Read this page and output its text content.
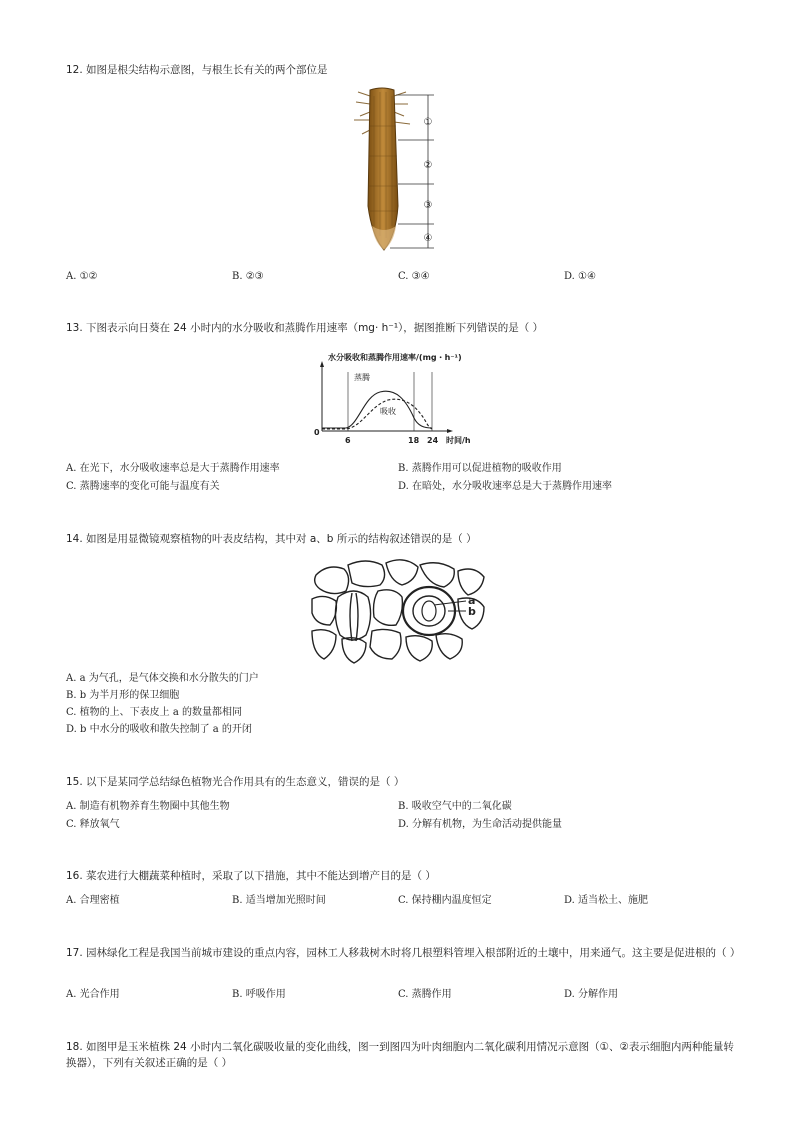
12. 如图是根尖结构示意图，与根生长有关的两个部位是
①
②
③
④
A. ①②	B. ②③	C. ③④	D. ①④
13. 下图表示向日葵在 24 小时内的水分吸收和蒸腾作用速率（mg· h⁻¹），据图推断下列错误的是（ ）
水分吸收和蒸腾作用速率/(mg・h⁻¹)
蒸腾
吸收
0
6	18 24 时间/h
A. 在光下，水分吸收速率总是大于蒸腾作用速率	B. 蒸腾作用可以促进植物的吸收作用
C. 蒸腾速率的变化可能与温度有关	D. 在暗处，水分吸收速率总是大于蒸腾作用速率
14. 如图是用显微镜观察植物的叶表皮结构，其中对 a、b 所示的结构叙述错误的是（ ）
a
b
A. a 为气孔，是气体交换和水分散失的门户
B. b 为半月形的保卫细胞
C. 植物的上、下表皮上 a 的数量都相同
D. b 中水分的吸收和散失控制了 a 的开闭
15. 以下是某同学总结绿色植物光合作用具有的生态意义，错误的是（ ）
A. 制造有机物养育生物圈中其他生物	B. 吸收空气中的二氧化碳
C. 释放氧气	D. 分解有机物，为生命活动提供能量
16. 菜农进行大棚蔬菜种植时，采取了以下措施，其中不能达到增产目的是（ ）
A. 合理密植	B. 适当增加光照时间	C. 保持棚内温度恒定	D. 适当松土、施肥
17. 园林绿化工程是我国当前城市建设的重点内容，园林工人移栽树木时将几根塑料管埋入根部附近的土壤中，用来通气。这主要是促进根的（ ）
A. 光合作用	B. 呼吸作用	C. 蒸腾作用	D. 分解作用
18. 如图甲是玉米植株 24 小时内二氧化碳吸收量的变化曲线，图一到图四为叶肉细胞内二氧化碳利用情况示意图（①、②表示细胞内两种能量转换器），下列有关叙述正确的是（ ）
